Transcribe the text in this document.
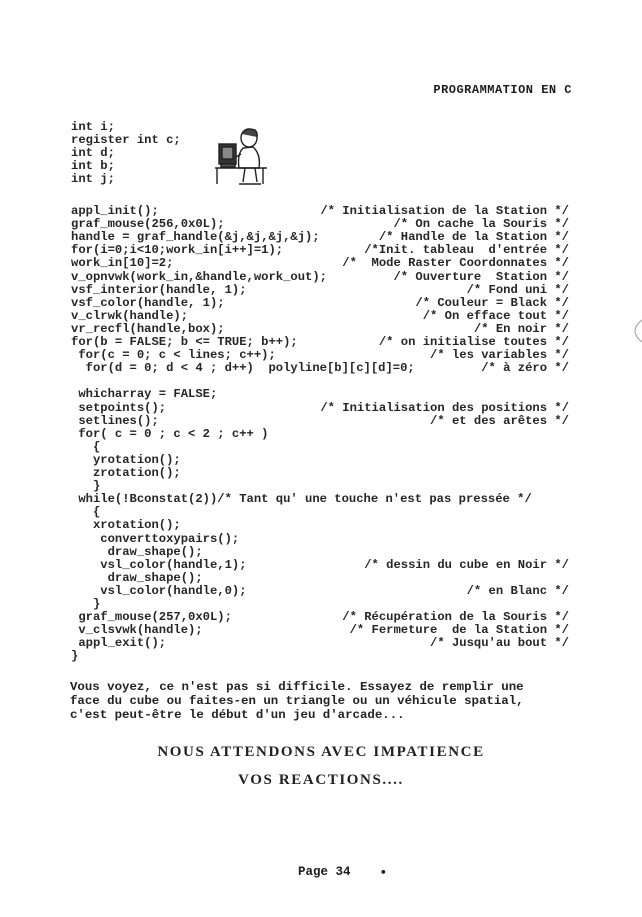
PROGRAMMATION EN C
int i;
register int c;
int d;
int b;
int j;
appl_init();	/* Initialisation de la Station */
graf_mouse(256,0x0L);	/* On cache la Souris */
handle = graf_handle(&j,&j,&j,&j);	/* Handle de la Station */
for(i=0;i<10;work_in[i++]=1);	/*Init. tableau  d'entrée */
work_in[10]=2;	/*  Mode Raster Coordonnates */
v_opnvwk(work_in,&handle,work_out);	/* Ouverture  Station */
vsf_interior(handle, 1);	/* Fond uni */
vsf_color(handle, 1);	/* Couleur = Black */
v_clrwk(handle);	/* On efface tout */
vr_recfl(handle,box);	/* En noir */
for(b = FALSE; b <= TRUE; b++);	/* on initialise toutes */
for(c = 0; c < lines; c++);	/* les variables */
for(d = 0; d < 4 ; d++)  polyline[b][c][d]=0;	/* à zéro */
whicharray = FALSE;
setpoints();	/* Initialisation des positions */
setlines();	/* et des arêtes */
for( c = 0 ; c < 2 ; c++ )
{
yrotation();
zrotation();
}
while(!Bconstat(2))/* Tant qu' une touche n'est pas pressée */
{
xrotation();
converttoxypairs();
draw_shape();
vsl_color(handle,1);	/* dessin du cube en Noir */
draw_shape();
vsl_color(handle,0);	/* en Blanc */
}
graf_mouse(257,0x0L);	/* Récupération de la Souris */
v_clsvwk(handle);	/* Fermeture  de la Station */
appl_exit();	/* Jusqu'au bout */
}
Vous voyez, ce n'est pas si difficile. Essayez de remplir une
face du cube ou faites-en un triangle ou un véhicule spatial,
c'est peut-être le début d'un jeu d'arcade...
NOUS ATTENDONS AVEC IMPATIENCE
VOS REACTIONS....
Page 34	•
